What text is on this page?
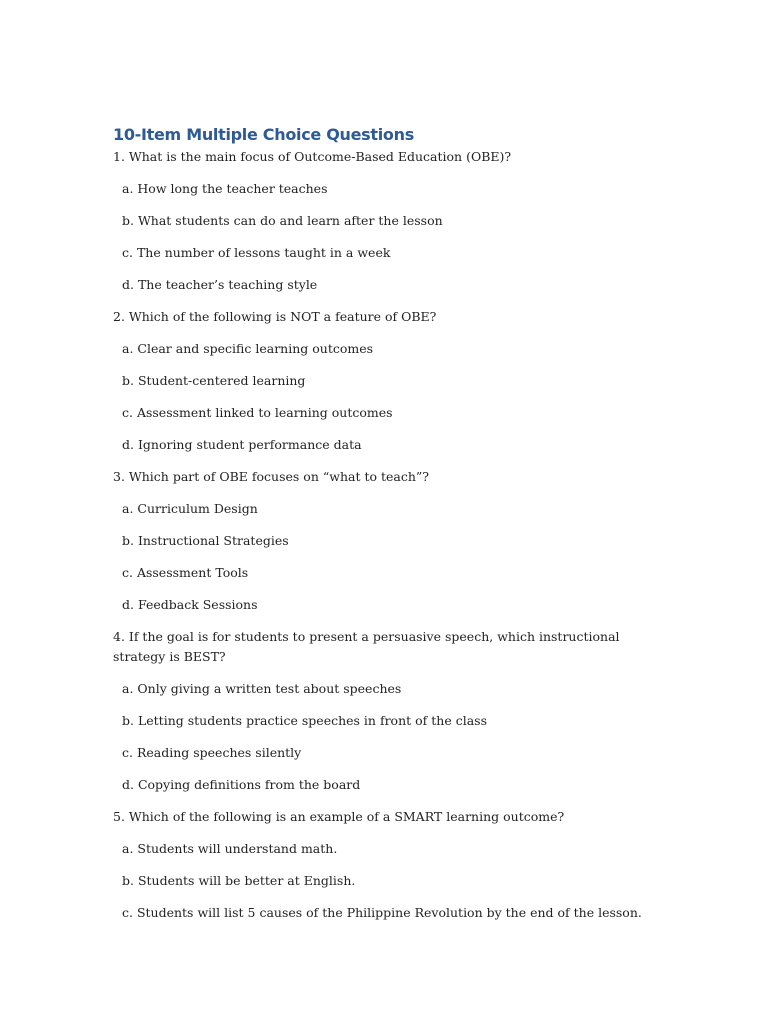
10-Item Multiple Choice Questions

1. What is the main focus of Outcome-Based Education (OBE)?

a. How long the teacher teaches

b. What students can do and learn after the lesson

c. The number of lessons taught in a week

d. The teacher’s teaching style

2. Which of the following is NOT a feature of OBE?

a. Clear and specific learning outcomes

b. Student-centered learning

c. Assessment linked to learning outcomes

d. Ignoring student performance data

3. Which part of OBE focuses on “what to teach”?

a. Curriculum Design

b. Instructional Strategies

c. Assessment Tools

d. Feedback Sessions

4. If the goal is for students to present a persuasive speech, which instructional strategy is BEST?

a. Only giving a written test about speeches

b. Letting students practice speeches in front of the class

c. Reading speeches silently

d. Copying definitions from the board

5. Which of the following is an example of a SMART learning outcome?

a. Students will understand math.

b. Students will be better at English.

c. Students will list 5 causes of the Philippine Revolution by the end of the lesson.
